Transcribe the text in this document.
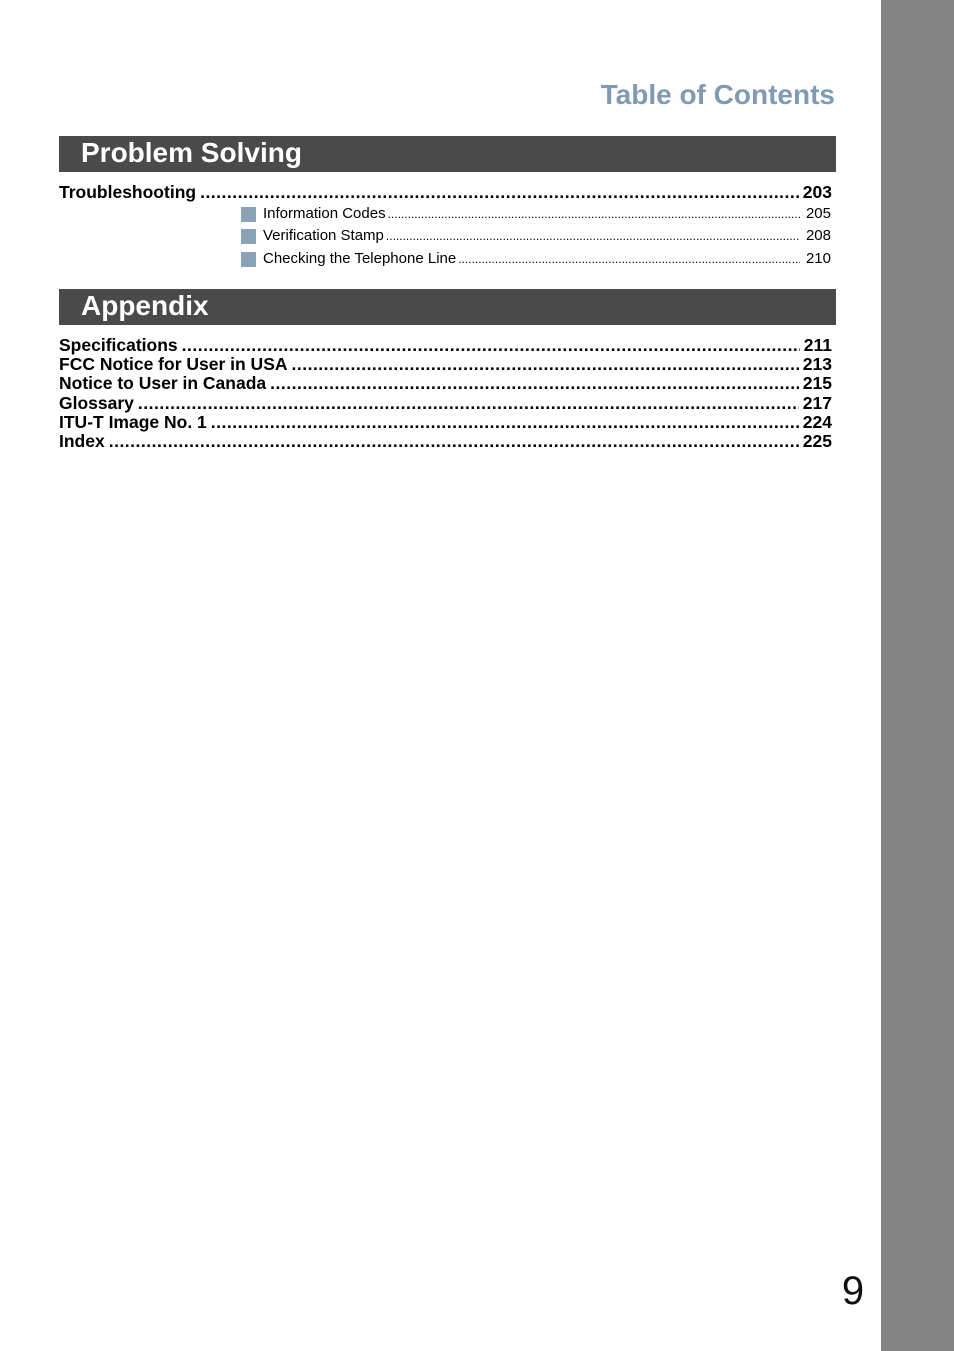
9
Table of Contents
Problem Solving
Troubleshooting .....	203
Information Codes .....	205
Verification Stamp .....	208
Checking the Telephone Line .....	210
Appendix
Specifications .....	211
FCC Notice for User in USA .....	213
Notice to User in Canada .....	215
Glossary .....	217
ITU-T Image No. 1 .....	224
Index .....	225
